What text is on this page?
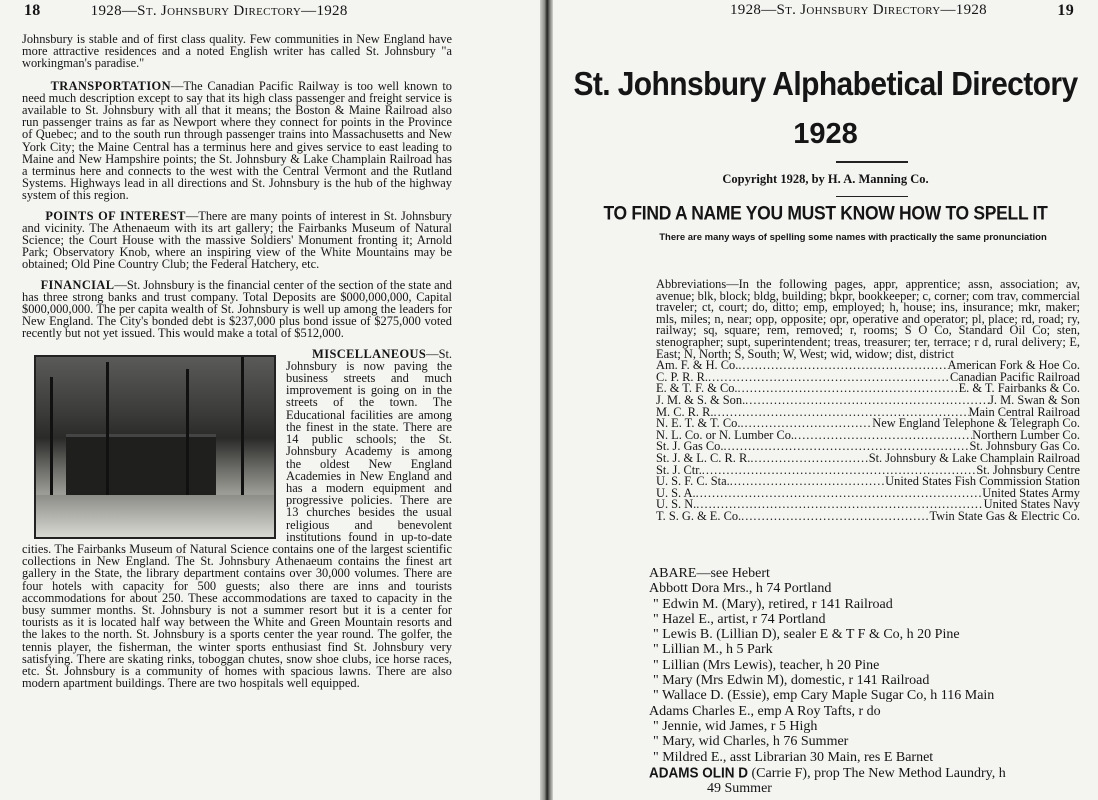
18	1928—St. Johnsbury Directory—1928

Johnsbury is stable and of first class quality. Few communities in New England have more attractive residences and a noted English writer has called St. Johnsbury "a workingman's paradise."

TRANSPORTATION—The Canadian Pacific Railway is too well known to need much description except to say that its high class passenger and freight service is available to St. Johnsbury with all that it means; the Boston & Maine Railroad also run passenger trains as far as Newport where they connect for points in the Province of Quebec; and to the south run through passenger trains into Massachusetts and New York City; the Maine Central has a terminus here and gives service to east leading to Maine and New Hampshire points; the St. Johnsbury & Lake Champlain Railroad has a terminus here and connects to the west with the Central Vermont and the Rutland Systems. Highways lead in all directions and St. Johnsbury is the hub of the highway system of this region.

POINTS OF INTEREST—There are many points of interest in St. Johnsbury and vicinity. The Athenaeum with its art gallery; the Fairbanks Museum of Natural Science; the Court House with the massive Soldiers' Monument fronting it; Arnold Park; Observatory Knob, where an inspiring view of the White Mountains may be obtained; Old Pine Country Club; the Federal Hatchery, etc.

FINANCIAL—St. Johnsbury is the financial center of the section of the state and has three strong banks and trust company. Total Deposits are $000,000,000, Capital $000,000,000. The per capita wealth of St. Johnsbury is well up among the leaders for New England. The City's bonded debt is $237,000 plus bond issue of $275,000 voted recently but not yet issued. This would make a total of $512,000.

MISCELLANEOUS
—St. Johnsbury is now paving the business streets and much improvement is going on in the streets of the town. The Educational facilities are among the finest in the state. There are 14 public schools; the St. Johnsbury Academy is among the oldest New England Academies in New England and has a modern equipment and progressive policies. There are 13 churches besides the usual religious and benevolent institutions found in up-to-date cities. The Fairbanks Museum of Natural Science contains one of the largest scientific collections in New England. The St. Johnsbury Athenaeum contains the finest art gallery in the State, the library department contains over 30,000 volumes. There are four hotels with capacity for 500 guests; also there are inns and tourists accommodations for about 250. These accommodations are taxed to capacity in the busy summer months. St. Johnsbury is not a summer resort but it is a center for tourists as it is located half way between the White and Green Mountain resorts and the lakes to the north. St. Johnsbury is a sports center the year round. The golfer, the tennis player, the fisherman, the winter sports enthusiast find St. Johnsbury very satisfying. There are skating rinks, toboggan chutes, snow shoe clubs, ice horse races, etc. St. Johnsbury is a community of homes with spacious lawns. There are also modern apartment buildings. There are two hospitals well equipped.

1928—St. Johnsbury Directory—1928	19
St. Johnsbury Alphabetical Directory
1928
Copyright 1928, by H. A. Manning Co.
TO FIND A NAME YOU MUST KNOW HOW TO SPELL IT
There are many ways of spelling some names with practically the same pronunciation
Abbreviations—In the following pages, appr, apprentice; assn, association; av, avenue; blk, block; bldg, building; bkpr, bookkeeper; c, corner; com trav, commercial traveler; ct, court; do, ditto; emp, employed; h, house; ins, insurance; mkr, maker; mls, miles; n, near; opp, opposite; opr, operative and operator; pl, place; rd, road; ry, railway; sq, square; rem, removed; r, rooms; S O Co, Standard Oil Co; sten, stenographer; supt, superintendent; treas, treasurer; ter, terrace; r d, rural delivery; E, East; N, North; S, South; W, West; wid, widow; dist, district
Am. F. & H. Co. .....	American Fork & Hoe Co.
C. P. R. R. .....	Canadian Pacific Railroad
E. & T. F. & Co. .....	E. & T. Fairbanks & Co.
J. M. & S. & Son. .....	J. M. Swan & Son
M. C. R. R. .....	Main Central Railroad
N. E. T. & T. Co. .....	New England Telephone & Telegraph Co.
N. L. Co. or N. Lumber Co. .....	Northern Lumber Co.
St. J. Gas Co. .....	St. Johnsbury Gas Co.
St. J. & L. C. R. R. .....	St. Johnsbury & Lake Champlain Railroad
St. J. Ctr. .....	St. Johnsbury Centre
U. S. F. C. Sta. .....	United States Fish Commission Station
U. S. A. .....	United States Army
U. S. N. .....	United States Navy
T. S. G. & E. Co. .....	Twin State Gas & Electric Co.
ABARE—see Hebert
Abbott Dora Mrs., h 74 Portland
" Edwin M. (Mary), retired, r 141 Railroad
" Hazel E., artist, r 74 Portland
" Lewis B. (Lillian D), sealer E & T F & Co, h 20 Pine
" Lillian M., h 5 Park
" Lillian (Mrs Lewis), teacher, h 20 Pine
" Mary (Mrs Edwin M), domestic, r 141 Railroad
" Wallace D. (Essie), emp Cary Maple Sugar Co, h 116 Main
Adams Charles E., emp A Roy Tafts, r do
" Jennie, wid James, r 5 High
" Mary, wid Charles, h 76 Summer
" Mildred E., asst Librarian 30 Main, res E Barnet
ADAMS OLIN D (Carrie F), prop The New Method Laundry, h
49 Summer
